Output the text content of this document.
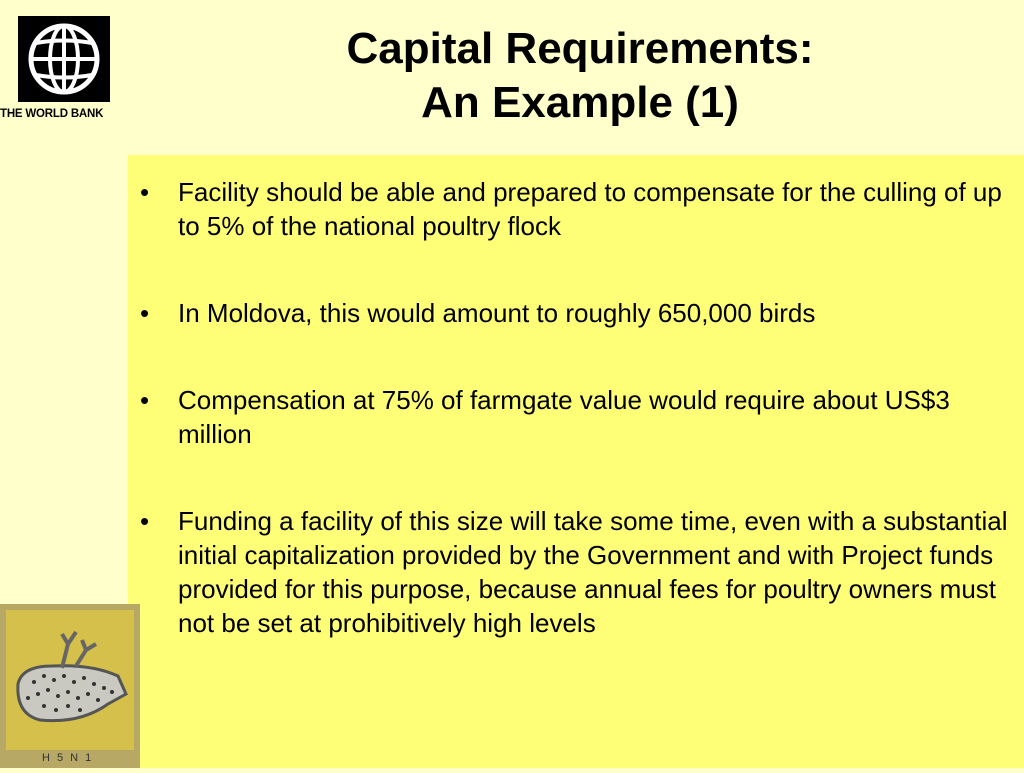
THE WORLD BANK
Capital Requirements:
An Example (1)
• Facility should be able and prepared to compensate for the culling of up to 5% of the national poultry flock
• In Moldova, this would amount to roughly 650,000 birds
• Compensation at 75% of farmgate value would require about US$3 million
• Funding a facility of this size will take some time, even with a substantial initial capitalization provided by the Government and with Project funds provided for this purpose, because annual fees for poultry owners must not be set at prohibitively high levels
H 5 N 1
